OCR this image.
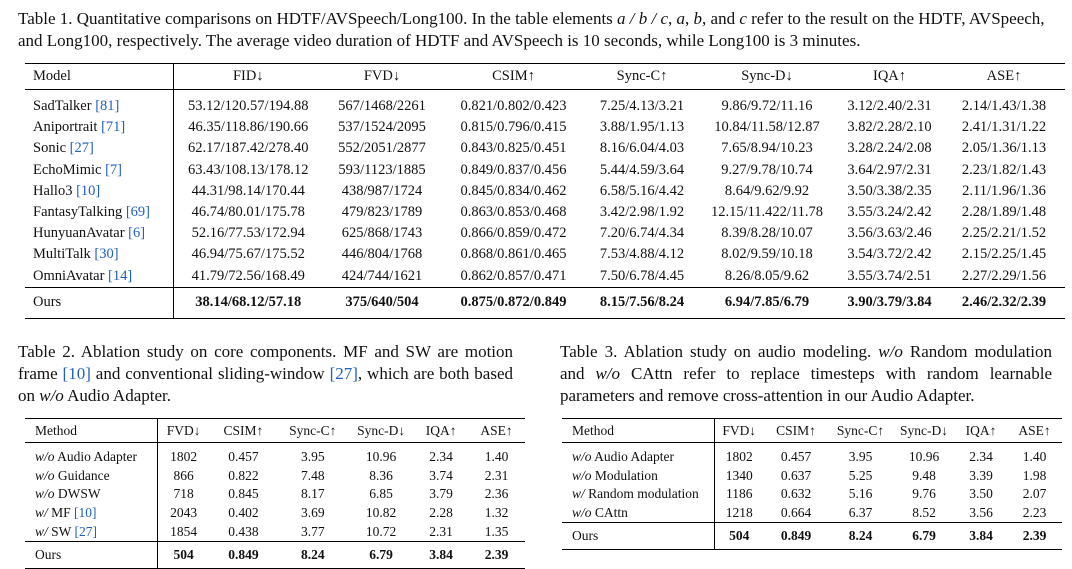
Table 1. Quantitative comparisons on HDTF/AVSpeech/Long100. In the table elements a / b / c, a, b, and c refer to the result on the HDTF, AVSpeech, and Long100, respectively. The average video duration of HDTF and AVSpeech is 10 seconds, while Long100 is 3 minutes.

Model	FID↓	FVD↓	CSIM↑	Sync-C↑	Sync-D↓	IQA↑	ASE↑
SadTalker [81]	53.12/120.57/194.88	567/1468/2261	0.821/0.802/0.423	7.25/4.13/3.21	9.86/9.72/11.16	3.12/2.40/2.31	2.14/1.43/1.38
Aniportrait [71]	46.35/118.86/190.66	537/1524/2095	0.815/0.796/0.415	3.88/1.95/1.13	10.84/11.58/12.87	3.82/2.28/2.10	2.41/1.31/1.22
Sonic [27]	62.17/187.42/278.40	552/2051/2877	0.843/0.825/0.451	8.16/6.04/4.03	7.65/8.94/10.23	3.28/2.24/2.08	2.05/1.36/1.13
EchoMimic [7]	63.43/108.13/178.12	593/1123/1885	0.849/0.837/0.456	5.44/4.59/3.64	9.27/9.78/10.74	3.64/2.97/2.31	2.23/1.82/1.43
Hallo3 [10]	44.31/98.14/170.44	438/987/1724	0.845/0.834/0.462	6.58/5.16/4.42	8.64/9.62/9.92	3.50/3.38/2.35	2.11/1.96/1.36
FantasyTalking [69]	46.74/80.01/175.78	479/823/1789	0.863/0.853/0.468	3.42/2.98/1.92	12.15/11.422/11.78	3.55/3.24/2.42	2.28/1.89/1.48
HunyuanAvatar [6]	52.16/77.53/172.94	625/868/1743	0.866/0.859/0.472	7.20/6.74/4.34	8.39/8.28/10.07	3.56/3.63/2.46	2.25/2.21/1.52
MultiTalk [30]	46.94/75.67/175.52	446/804/1768	0.868/0.861/0.465	7.53/4.88/4.12	8.02/9.59/10.18	3.54/3.72/2.42	2.15/2.25/1.45
OmniAvatar [14]	41.79/72.56/168.49	424/744/1621	0.862/0.857/0.471	7.50/6.78/4.45	8.26/8.05/9.62	3.55/3.74/2.51	2.27/2.29/1.56
Ours	38.14/68.12/57.18	375/640/504	0.875/0.872/0.849	8.15/7.56/8.24	6.94/7.85/6.79	3.90/3.79/3.84	2.46/2.32/2.39

Table 2. Ablation study on core components. MF and SW are motion frame [10] and conventional sliding-window [27], which are both based on w/o Audio Adapter.

Method	FVD↓	CSIM↑	Sync-C↑	Sync-D↓	IQA↑	ASE↑

w/o Audio Adapter	1802	0.457	3.95	10.96	2.34	1.40
w/o Guidance	866	0.822	7.48	8.36	3.74	2.31
w/o DWSW	718	0.845	8.17	6.85	3.79	2.36
w/ MF [10]	2043	0.402	3.69	10.82	2.28	1.32
w/ SW [27]	1854	0.438	3.77	10.72	2.31	1.35
Ours	504	0.849	8.24	6.79	3.84	2.39

Table 3. Ablation study on audio modeling. w/o Random modulation and w/o CAttn refer to replace timesteps with random learnable parameters and remove cross-attention in our Audio Adapter.

Method	FVD↓	CSIM↑	Sync-C↑	Sync-D↓	IQA↑	ASE↑

w/o Audio Adapter	1802	0.457	3.95	10.96	2.34	1.40
w/o Modulation	1340	0.637	5.25	9.48	3.39	1.98
w/ Random modulation	1186	0.632	5.16	9.76	3.50	2.07
w/o CAttn	1218	0.664	6.37	8.52	3.56	2.23
Ours	504	0.849	8.24	6.79	3.84	2.39
